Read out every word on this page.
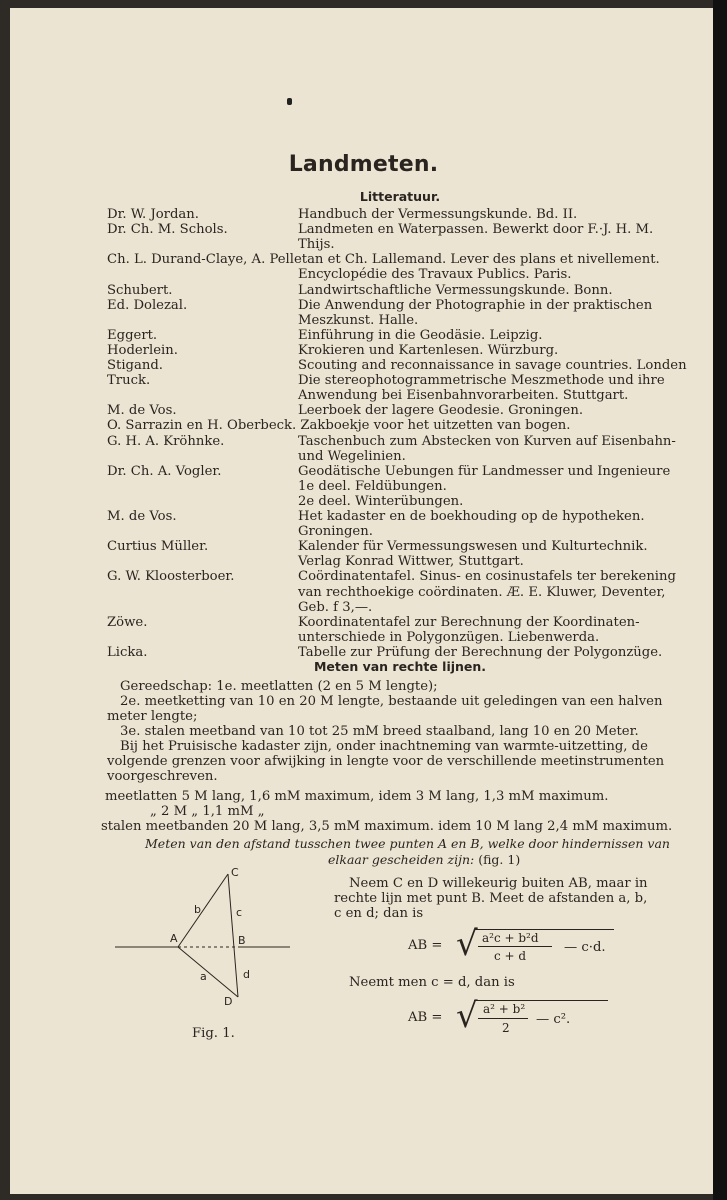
Landmeten.
Litteratuur.
Dr. W. Jordan.	Handbuch der Vermessungskunde. Bd. II.
Dr. Ch. M. Schols.	Landmeten en Waterpassen. Bewerkt door F.·J. H. M.
Thijs.
Ch. L. Durand-Claye, A. Pelletan et Ch. Lallemand. Lever des plans et nivellement.
Encyclopédie des Travaux Publics. Paris.
Schubert.	Landwirtschaftliche Vermessungskunde. Bonn.
Ed. Dolezal.	Die Anwendung der Photographie in der praktischen
Meszkunst. Halle.
Eggert.	Einführung in die Geodäsie. Leipzig.
Hoderlein.	Krokieren und Kartenlesen. Würzburg.
Stigand.	Scouting and reconnaissance in savage countries. Londen
Truck.	Die stereophotogrammetrische Meszmethode und ihre
Anwendung bei Eisenbahnvorarbeiten. Stuttgart.
M. de Vos.	Leerboek der lagere Geodesie. Groningen.
O. Sarrazin en H. Oberbeck. Zakboekje voor het uitzetten van bogen.
G. H. A. Kröhnke.	Taschenbuch zum Abstecken von Kurven auf Eisenbahn-
und Wegelinien.
Dr. Ch. A. Vogler.	Geodätische Uebungen für Landmesser und Ingenieure
1e deel. Feldübungen.
2e deel. Winterübungen.
M. de Vos.	Het kadaster en de boekhouding op de hypotheken.
Groningen.
Curtius Müller.	Kalender für Vermessungswesen und Kulturtechnik.
Verlag Konrad Wittwer, Stuttgart.
G. W. Kloosterboer.	Coördinatentafel. Sinus- en cosinustafels ter berekening
van rechthoekige coördinaten. Æ. E. Kluwer, Deventer,
Geb. f 3,—.
Zöwe.	Koordinatentafel zur Berechnung der Koordinaten-
unterschiede in Polygonzügen. Liebenwerda.
Licka.	Tabelle zur Prüfung der Berechnung der Polygonzüge.
Meten van rechte lijnen.
Gereedschap: 1e. meetlatten (2 en 5 M lengte);
2e. meetketting van 10 en 20 M lengte, bestaande uit geledingen van een halven
meter lengte;
3e. stalen meetband van 10 tot 25 mM breed staalband, lang 10 en 20 Meter.
Bij het Pruisische kadaster zijn, onder inachtneming van warmte-uitzetting, de
volgende grenzen voor afwijking in lengte voor de verschillende meetinstrumenten
voorgeschreven.
meetlatten 5 M lang, 1,6 mM maximum, idem 3 M lang, 1,3 mM maximum.
„ 2 M „ 1,1 mM „
stalen meetbanden 20 M lang, 3,5 mM maximum. idem 10 M lang 2,4 mM maximum.
Meten van den afstand tusschen twee punten A en B, welke door hindernissen van
elkaar gescheiden zijn: (fig. 1)
C
A	B
D
b	c
a	d
Fig. 1.
Neem C en D willekeurig buiten AB, maar in
rechte lijn met punt B. Meet de afstanden a, b,
c en d; dan is
AB = √ a²c + b²d
c + d
— c·d.
Neemt men c = d, dan is
AB = √ a² + b²
2
— c².
